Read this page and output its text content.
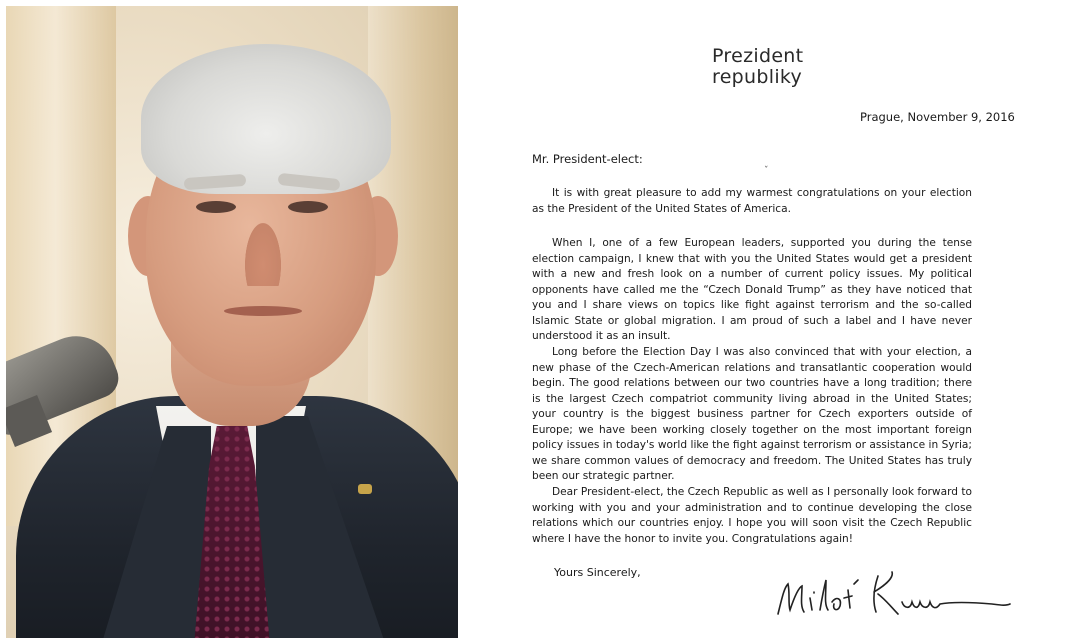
Prezident
republiky
Prague, November 9, 2016
Mr. President-elect:
ˇ

It is with great pleasure to add my warmest congratulations on your election as the President of the United States of America.

When I, one of a few European leaders, supported you during the tense election campaign, I knew that with you the United States would get a president with a new and fresh look on a number of current policy issues. My political opponents have called me the “Czech Donald Trump” as they have noticed that you and I share views on topics like fight against terrorism and the so-called Islamic State or global migration. I am proud of such a label and I have never understood it as an insult.

Long before the Election Day I was also convinced that with your election, a new phase of the Czech-American relations and transatlantic cooperation would begin. The good relations between our two countries have a long tradition; there is the largest Czech compatriot community living abroad in the United States; your country is the biggest business partner for Czech exporters outside of Europe; we have been working closely together on the most important foreign policy issues in today's world like the fight against terrorism or assistance in Syria; we share common values of democracy and freedom. The United States has truly been our strategic partner.

Dear President-elect, the Czech Republic as well as I personally look forward to working with you and your administration and to continue developing the close relations which our countries enjoy. I hope you will soon visit the Czech Republic where I have the honor to invite you. Congratulations again!

Yours Sincerely,
